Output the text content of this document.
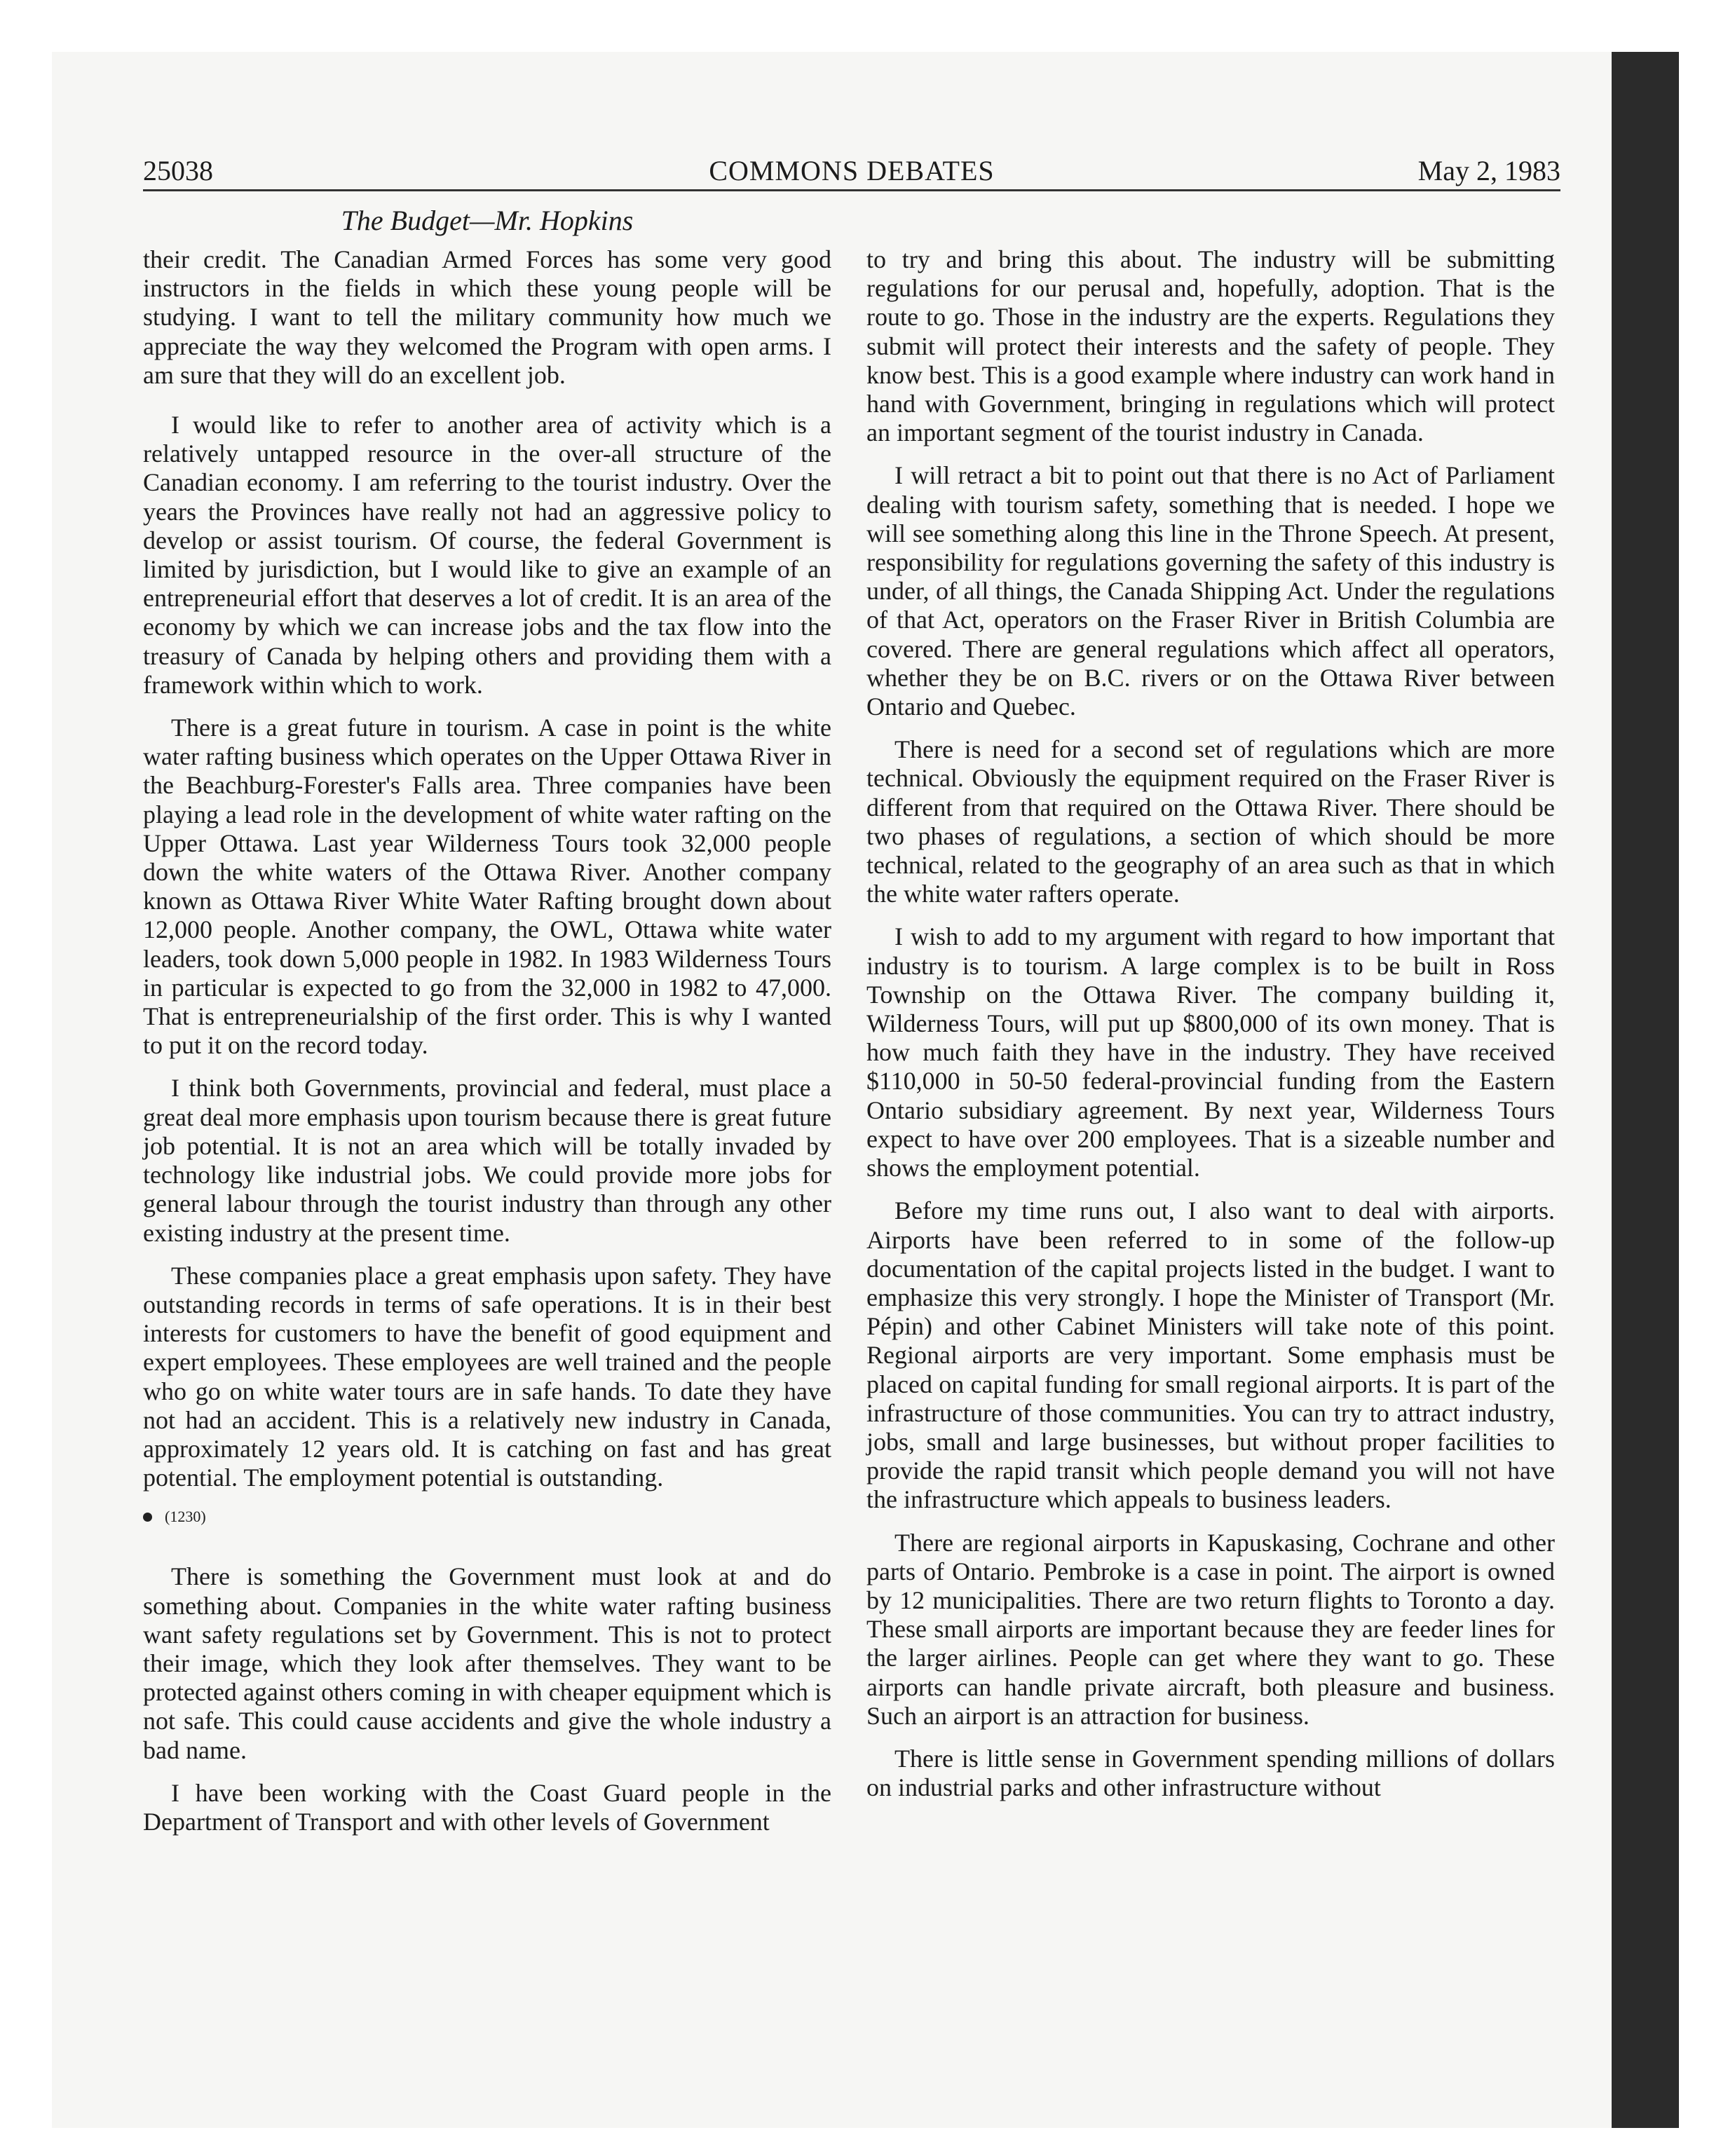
25038	COMMONS DEBATES	May 2, 1983
The Budget—Mr. Hopkins

their credit. The Canadian Armed Forces has some very good instructors in the fields in which these young people will be studying. I want to tell the military community how much we appreciate the way they welcomed the Program with open arms. I am sure that they will do an excellent job.

I would like to refer to another area of activity which is a relatively untapped resource in the over-all structure of the Canadian economy. I am referring to the tourist industry. Over the years the Provinces have really not had an aggressive policy to develop or assist tourism. Of course, the federal Government is limited by jurisdiction, but I would like to give an example of an entrepreneurial effort that deserves a lot of credit. It is an area of the economy by which we can increase jobs and the tax flow into the treasury of Canada by helping others and providing them with a framework within which to work.

There is a great future in tourism. A case in point is the white water rafting business which operates on the Upper Ottawa River in the Beachburg-Forester's Falls area. Three companies have been playing a lead role in the development of white water rafting on the Upper Ottawa. Last year Wilderness Tours took 32,000 people down the white waters of the Ottawa River. Another company known as Ottawa River White Water Rafting brought down about 12,000 people. Another company, the OWL, Ottawa white water leaders, took down 5,000 people in 1982. In 1983 Wilderness Tours in particular is expected to go from the 32,000 in 1982 to 47,000. That is entrepreneurialship of the first order. This is why I wanted to put it on the record today.

I think both Governments, provincial and federal, must place a great deal more emphasis upon tourism because there is great future job potential. It is not an area which will be totally invaded by technology like industrial jobs. We could provide more jobs for general labour through the tourist industry than through any other existing industry at the present time.

These companies place a great emphasis upon safety. They have outstanding records in terms of safe operations. It is in their best interests for customers to have the benefit of good equipment and expert employees. These employees are well trained and the people who go on white water tours are in safe hands. To date they have not had an accident. This is a relatively new industry in Canada, approximately 12 years old. It is catching on fast and has great potential. The employment potential is outstanding.

(1230)

There is something the Government must look at and do something about. Companies in the white water rafting business want safety regulations set by Government. This is not to protect their image, which they look after themselves. They want to be protected against others coming in with cheaper equipment which is not safe. This could cause accidents and give the whole industry a bad name.

I have been working with the Coast Guard people in the Department of Transport and with other levels of Government

to try and bring this about. The industry will be submitting regulations for our perusal and, hopefully, adoption. That is the route to go. Those in the industry are the experts. Regulations they submit will protect their interests and the safety of people. They know best. This is a good example where industry can work hand in hand with Government, bringing in regulations which will protect an important segment of the tourist industry in Canada.

I will retract a bit to point out that there is no Act of Parliament dealing with tourism safety, something that is needed. I hope we will see something along this line in the Throne Speech. At present, responsibility for regulations governing the safety of this industry is under, of all things, the Canada Shipping Act. Under the regulations of that Act, operators on the Fraser River in British Columbia are covered. There are general regulations which affect all operators, whether they be on B.C. rivers or on the Ottawa River between Ontario and Quebec.

There is need for a second set of regulations which are more technical. Obviously the equipment required on the Fraser River is different from that required on the Ottawa River. There should be two phases of regulations, a section of which should be more technical, related to the geography of an area such as that in which the white water rafters operate.

I wish to add to my argument with regard to how important that industry is to tourism. A large complex is to be built in Ross Township on the Ottawa River. The company building it, Wilderness Tours, will put up $800,000 of its own money. That is how much faith they have in the industry. They have received $110,000 in 50-50 federal-provincial funding from the Eastern Ontario subsidiary agreement. By next year, Wilderness Tours expect to have over 200 employees. That is a sizeable number and shows the employment potential.

Before my time runs out, I also want to deal with airports. Airports have been referred to in some of the follow-up documentation of the capital projects listed in the budget. I want to emphasize this very strongly. I hope the Minister of Transport (Mr. Pépin) and other Cabinet Ministers will take note of this point. Regional airports are very important. Some emphasis must be placed on capital funding for small regional airports. It is part of the infrastructure of those communities. You can try to attract industry, jobs, small and large businesses, but without proper facilities to provide the rapid transit which people demand you will not have the infrastructure which appeals to business leaders.

There are regional airports in Kapuskasing, Cochrane and other parts of Ontario. Pembroke is a case in point. The airport is owned by 12 municipalities. There are two return flights to Toronto a day. These small airports are important because they are feeder lines for the larger airlines. People can get where they want to go. These airports can handle private aircraft, both pleasure and business. Such an airport is an attraction for business.

There is little sense in Government spending millions of dollars on industrial parks and other infrastructure without
